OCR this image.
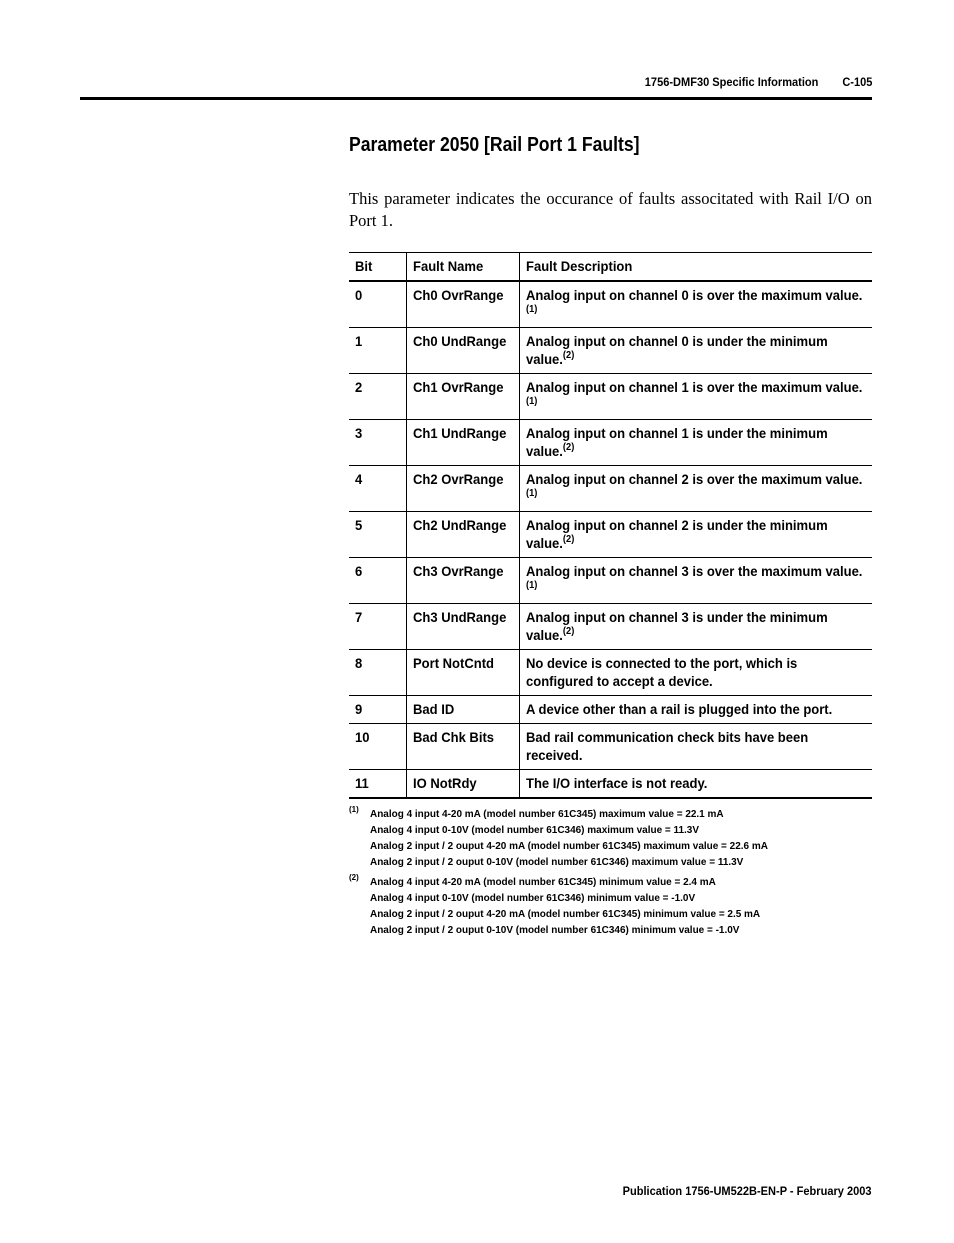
1756-DMF30 Specific Information C-105
Parameter 2050 [Rail Port 1 Faults]

This parameter indicates the occurance of faults associtated with Rail I/O on Port 1.

Bit	Fault Name	Fault Description
0	Ch0 OvrRange	Analog input on channel 0 is over the maximum value.$^{(1)}$
1	Ch0 UndRange	Analog input on channel 0 is under the minimum value.$^{(2)}$
2	Ch1 OvrRange	Analog input on channel 1 is over the maximum value.$^{(1)}$
3	Ch1 UndRange	Analog input on channel 1 is under the minimum value.$^{(2)}$
4	Ch2 OvrRange	Analog input on channel 2 is over the maximum value.$^{(1)}$
5	Ch2 UndRange	Analog input on channel 2 is under the minimum value.$^{(2)}$
6	Ch3 OvrRange	Analog input on channel 3 is over the maximum value.$^{(1)}$
7	Ch3 UndRange	Analog input on channel 3 is under the minimum value.$^{(2)}$
8	Port NotCntd	No device is connected to the port, which is configured to accept a device.
9	Bad ID	A device other than a rail is plugged into the port.
10	Bad Chk Bits	Bad rail communication check bits have been received.
11	IO NotRdy	The I/O interface is not ready.
(1) Analog 4 input 4-20 mA (model number 61C345) maximum value = 22.1 mA
Analog 4 input 0-10V (model number 61C346) maximum value = 11.3V
Analog 2 input / 2 ouput 4-20 mA (model number 61C345) maximum value = 22.6 mA
Analog 2 input / 2 ouput 0-10V (model number 61C346) maximum value = 11.3V
(2) Analog 4 input 4-20 mA (model number 61C345) minimum value = 2.4 mA
Analog 4 input 0-10V (model number 61C346) minimum value = -1.0V
Analog 2 input / 2 ouput 4-20 mA (model number 61C345) minimum value = 2.5 mA
Analog 2 input / 2 ouput 0-10V (model number 61C346) minimum value = -1.0V
Publication 1756-UM522B-EN-P - February 2003
